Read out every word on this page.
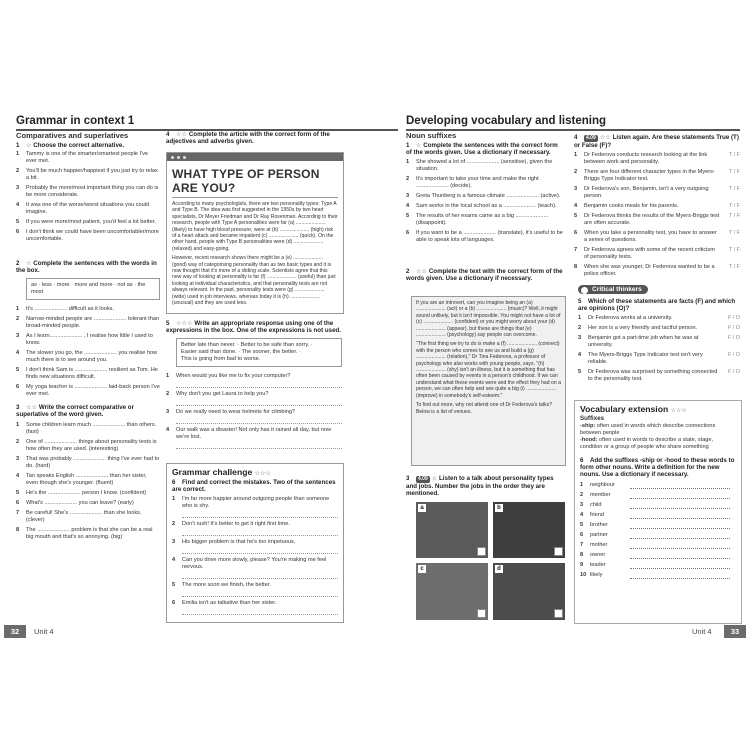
Grammar in context 1
Comparatives and superlatives
1 ☆ Choose the correct alternative.
1 Tammy is one of the smarter/smartest people I've ever met.
2 You'll be much happier/happiest if you just try to relax a bit.
3 Probably the more/most important thing you can do is be more considerate.
4 It was one of the worse/worst situations you could imagine.
5 If you were more/most patient, you'd feel a lot better.
6 I don't think we could have been uncomfortabler/more uncomfortable.
2 ☆ Complete the sentences with the words in the box.
as · less · more · more and more · not as · the most
1 It's ..................... difficult as it looks.
2 Narrow-minded people are ..................... tolerant than broad-minded people.
3 As I learn..................... , I realise how little I used to know.
4 The slower you go, the ..................... you realise how much there is to see around you.
5 I don't think Sam is ..................... resilient as Tom. He finds new situations difficult.
6 My yoga teacher is ..................... laid-back person I've ever met.
3 ☆☆ Write the correct comparative or superlative of the word given.
1 Some children learn much ..................... than others. (fast)
2 One of ..................... things about personality tests is how often they are used. (interesting)
3 That was probably ..................... thing I've ever had to do. (hard)
4 Tan speaks English ..................... than her sister, even though she's younger. (fluent)
5 He's the ..................... person I know. (confident)
6 What's ..................... you can leave? (early)
7 Be careful! She's ..................... than she looks. (clever)
8 The ..................... problem is that she can be a real big mouth and that's so annoying. (big)
4 ☆☆ Complete the article with the correct form of the adjectives and adverbs given.
WHAT TYPE OF PERSON ARE YOU?

According to many psychologists, there are two personality types: Type A and Type B. The idea was first suggested in the 1950s by two heart specialists, Dr Meyer Friedman and Dr Ray Rosenman. According to their research, people with Type A personalities were far (a) ..................... (likely) to have high blood pressure, were at (b) ..................... (high) risk of a heart attack and became impatient (c) ..................... (quick). On the other hand, people with Type B personalities were (d) ..................... (relaxed) and easy-going.

However, recent research shows there might be a (e) ..................... (good) way of categorising personality than as two basic types and it is now thought that it's more of a sliding scale. Scientists agree that this new way of looking at personality is far (f) ..................... (useful) than just looking at individual characteristics, and that personality tests are not always relevant. In the past, personality tests were (g) ..................... (wide) used in job interviews, whereas today it is (h) ..................... (unusual) and they are used less.

5 ☆☆☆ Write an appropriate response using one of the expressions in the box. One of the expressions is not used.
Better late than never. · Better to be safe than sorry. ·
Easier said than done. · The sooner, the better. ·
This is going from bad to worse.
1 When would you like me to fix your computer?
2 Why don't you get Laura to help you?
3 Do we really need to wear helmets for climbing?
4 Our walk was a disaster! Not only has it rained all day, but now we're lost.
Grammar challenge ☆☆☆
6 Find and correct the mistakes. Two of the sentences are correct.
1 I'm far more happier around outgoing people than someone who is shy.
2 Don't rush! It's better to get it right first time.
3 His bigger problem is that he's too impetuous.
4 Can you drive more slowly, please? You're making me feel nervous.
5 The more soon we finish, the better.
6 Emilia isn't as talkative than her sister.
32	Unit 4
Developing vocabulary and listening
Noun suffixes
1 ☆ Complete the sentences with the correct form of the words given. Use a dictionary if necessary.
1 She showed a lot of ..................... (sensitive), given the situation.
2 It's important to take your time and make the right ..................... (decide).
3 Greta Thunberg is a famous climate ..................... (active).
4 Sam works in the local school as a ..................... (teach).
5 The results of her exams came as a big ..................... (disappoint).
6 If you want to be a ..................... (translate), it's useful to be able to speak lots of languages.
2 ☆☆ Complete the text with the correct form of the words given. Use a dictionary if necessary.

If you are an introvert, can you imagine being an (a) ..................... (act) or a (b) ..................... (music)? Well, it might sound unlikely, but it isn't impossible. You might not have a lot of (c) ..................... (confident) or you might worry about your (d) ..................... (appear), but these are things that (e) ..................... (psychology) say people can overcome.

"The first thing we try to do is make a (f) ..................... (connect) with the person who comes to see us and build a (g) ..................... (relation)," Dr Tina Federova, a professor of psychology who also works with young people, says. "(h) ..................... (shy) isn't an illness, but it is something that has often been caused by events in a person's childhood. If we can understand what these events were and the effect they had on a person, we can often help and see quite a big (i) ..................... (improve) in somebody's self-esteem."

To find out more, why not attend one of Dr Federova's talks? Below is a list of venues.

3 4.09 ☆ Listen to a talk about personality types and jobs. Number the jobs in the order they are mentioned.
a	b
c	d
4 4.09 ☆☆ Listen again. Are these statements True (T) or False (F)?
1 Dr Federova conducts research looking at the link between work and personality.
T / F
2 There are four different character types in the Myers-Briggs Type Indicator test.
T / F
3 Dr Federova's son, Benjamin, isn't a very outgoing person.
T / F
4 Benjamin cooks meals for his parents.	T / F
5 Dr Federova thinks the results of the Myers-Briggs test are often accurate.
T / F
6 When you take a personality test, you have to answer a series of questions.
T / F
7 Dr Federova agrees with some of the recent criticism of personality tests.
T / F
8 When she was younger, Dr Federova wanted to be a police officer.
T / F
Critical thinkers
5 Which of these statements are facts (F) and which are opinions (O)?
1 Dr Federova works at a university.	F / O
2 Her son is a very friendly and tactful person.	F / O
3 Benjamin got a part-time job when he was at university.
F / O
4 The Myers-Briggs Type Indicator test isn't very reliable.
F / O
5 Dr Federova was surprised by something connected to the personality test.
F / O
Vocabulary extension ☆☆☆
Suffixes
-ship: often used in words which describe connections between people
-hood: often used in words to describe a state, stage, condition or a group of people who share something
6 Add the suffixes -ship or -hood to these words to form other nouns. Write a definition for the new nouns. Use a dictionary if necessary.
1 neighbour
2 member
3 child
4 friend
5 brother
6 partner
7 mother
8 owner
9 leader
10 likely
Unit 4	33
